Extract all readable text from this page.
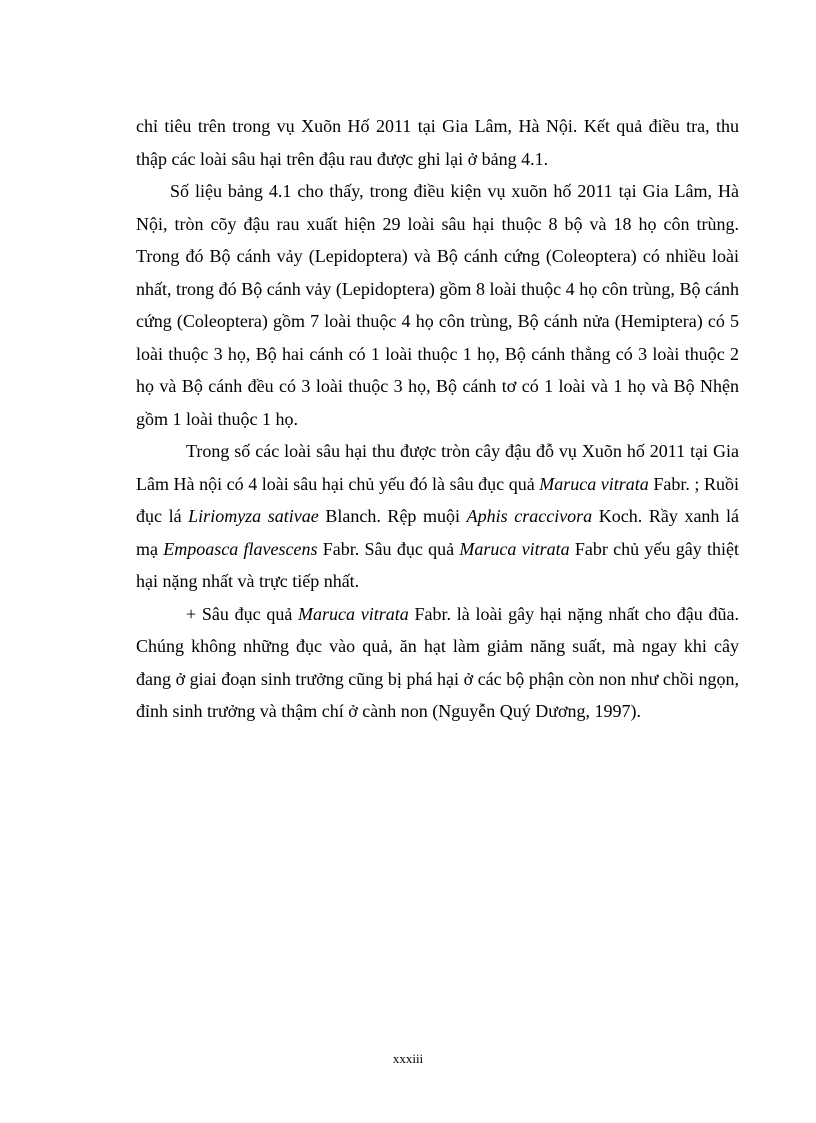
chỉ tiêu trên trong vụ Xuõn Hố 2011 tại Gia Lâm, Hà Nội. Kết quả điều tra, thu thập các loài sâu hại trên đậu rau được ghi lại ở bảng 4.1.

Số liệu bảng 4.1 cho thấy, trong điều kiện vụ xuõn hố 2011 tại Gia Lâm, Hà Nội, tròn cõy đậu rau xuất hiện 29 loài sâu hại thuộc 8 bộ và 18 họ côn trùng. Trong đó Bộ cánh vảy (Lepidoptera) và Bộ cánh cứng (Coleoptera) có nhiều loài nhất, trong đó Bộ cánh vảy (Lepidoptera) gồm 8 loài thuộc 4 họ côn trùng, Bộ cánh cứng (Coleoptera) gồm 7 loài thuộc 4 họ côn trùng, Bộ cánh nửa (Hemiptera) có 5 loài thuộc 3 họ, Bộ hai cánh có 1 loài thuộc 1 họ, Bộ cánh thẳng có 3 loài thuộc 2 họ và Bộ cánh đều có 3 loài thuộc 3 họ, Bộ cánh tơ có 1 loài và 1 họ và Bộ Nhện gồm 1 loài thuộc 1 họ.

Trong số các loài sâu hại thu được tròn cây đậu đỗ vụ Xuõn hố 2011 tại Gia Lâm Hà nội có 4 loài sâu hại chủ yếu đó là sâu đục quả Maruca vitrata Fabr. ; Ruồi đục lá Liriomyza sativae Blanch. Rệp muội Aphis craccivora Koch. Rầy xanh lá mạ Empoasca flavescens Fabr. Sâu đục quả Maruca vitrata Fabr chủ yếu gây thiệt hại nặng nhất và trực tiếp nhất.

+ Sâu đục quả Maruca vitrata Fabr. là loài gây hại nặng nhất cho đậu đũa. Chúng không những đục vào quả, ăn hạt làm giảm năng suất, mà ngay khi cây đang ở giai đoạn sinh trưởng cũng bị phá hại ở các bộ phận còn non như chồi ngọn, đỉnh sinh trưởng và thậm chí ở cành non (Nguyễn Quý Dương, 1997).

xxxiii
